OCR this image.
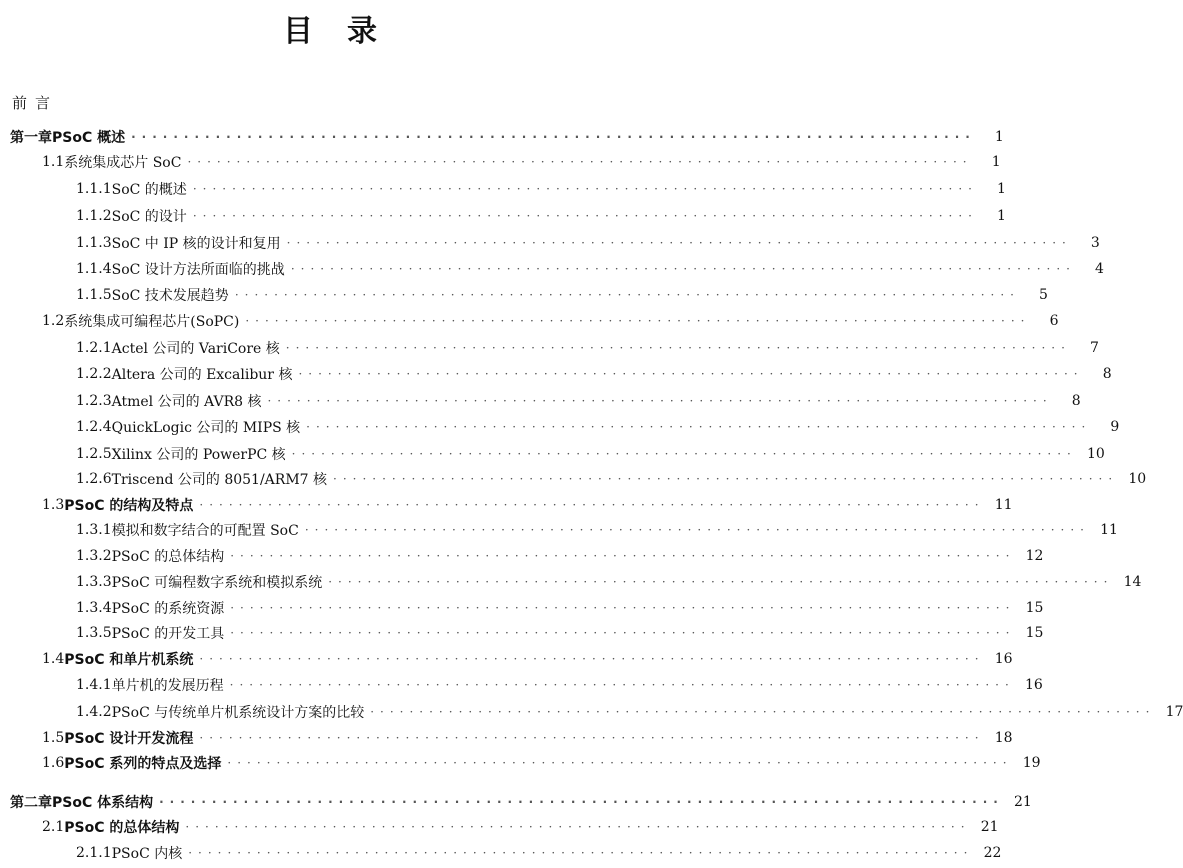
目　录
前言
第一章 PSoC 概述 ················································································	1
1.1 系统集成芯片 SoC ················································································	1
1.1.1 SoC 的概述 ················································································	1
1.1.2 SoC 的设计 ················································································	1
1.1.3 SoC 中 IP 核的设计和复用 ················································································	3
1.1.4 SoC 设计方法所面临的挑战 ················································································	4
1.1.5 SoC 技术发展趋势 ················································································	5
1.2 系统集成可编程芯片(SoPC) ················································································	6
1.2.1 Actel 公司的 VariCore 核 ················································································	7
1.2.2 Altera 公司的 Excalibur 核 ················································································	8
1.2.3 Atmel 公司的 AVR8 核 ················································································	8
1.2.4 QuickLogic 公司的 MIPS 核 ················································································	9
1.2.5 Xilinx 公司的 PowerPC 核 ················································································ 10
1.2.6 Triscend 公司的 8051/ARM7 核 ················································································ 10
1.3 PSoC 的结构及特点 ················································································ 11
1.3.1 模拟和数字结合的可配置 SoC ················································································ 11
1.3.2 PSoC 的总体结构 ················································································ 12
1.3.3 PSoC 可编程数字系统和模拟系统 ················································································ 14
1.3.4 PSoC 的系统资源 ················································································ 15
1.3.5 PSoC 的开发工具 ················································································ 15
1.4 PSoC 和单片机系统 ················································································ 16
1.4.1 单片机的发展历程 ················································································ 16
1.4.2 PSoC 与传统单片机系统设计方案的比较 ················································································ 17
1.5 PSoC 设计开发流程 ················································································ 18
1.6 PSoC 系列的特点及选择 ················································································ 19
第二章 PSoC 体系结构 ················································································ 21
2.1 PSoC 的总体结构 ················································································ 21
2.1.1 PSoC 内核 ················································································ 22
